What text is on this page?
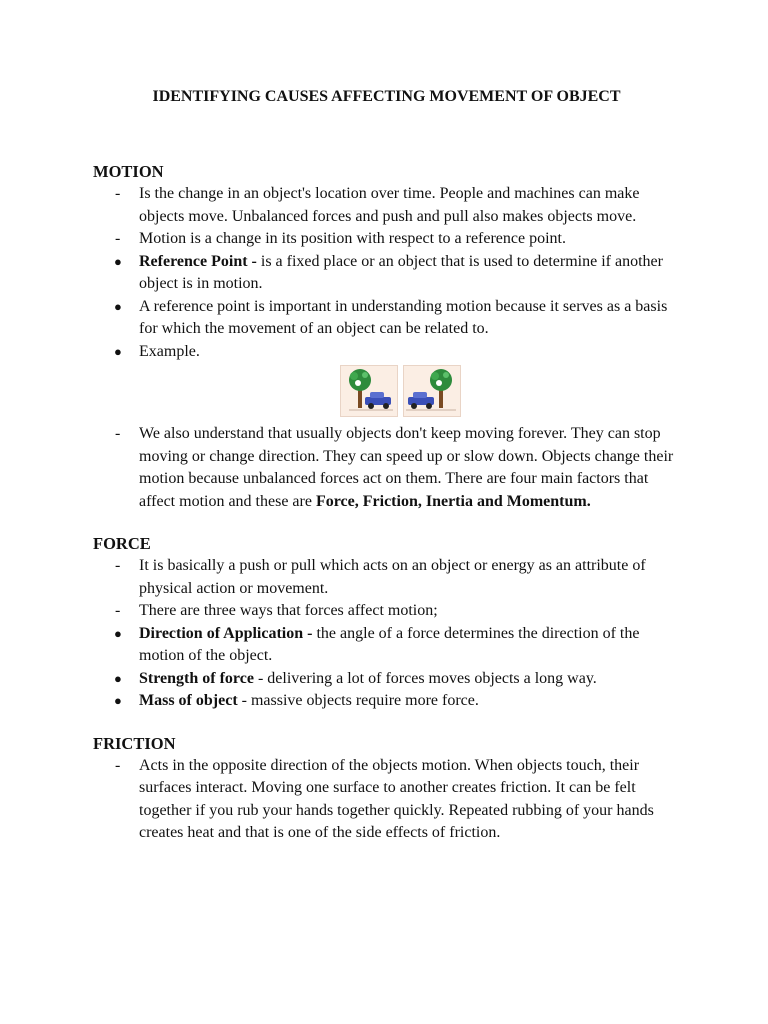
IDENTIFYING CAUSES AFFECTING MOVEMENT OF OBJECT
MOTION
-	Is the change in an object's location over time. People and machines can make objects move. Unbalanced forces and push and pull also makes objects move.
-	Motion is a change in its position with respect to a reference point.
●	Reference Point - is a fixed place or an object that is used to determine if another object is in motion.
●	A reference point is important in understanding motion because it serves as a basis for which the movement of an object can be related to.
●	Example.
-	We also understand that usually objects don't keep moving forever. They can stop moving or change direction. They can speed up or slow down. Objects change their motion because unbalanced forces act on them. There are four main factors that affect motion and these are Force, Friction, Inertia and Momentum.
FORCE
-	It is basically a push or pull which acts on an object or energy as an attribute of physical action or movement.
-	There are three ways that forces affect motion;
●	Direction of Application - the angle of a force determines the direction of the motion of the object.
●	Strength of force - delivering a lot of forces moves objects a long way.
●	Mass of object - massive objects require more force.
FRICTION
-	Acts in the opposite direction of the objects motion. When objects touch, their surfaces interact. Moving one surface to another creates friction. It can be felt together if you rub your hands together quickly. Repeated rubbing of your hands creates heat and that is one of the side effects of friction.
